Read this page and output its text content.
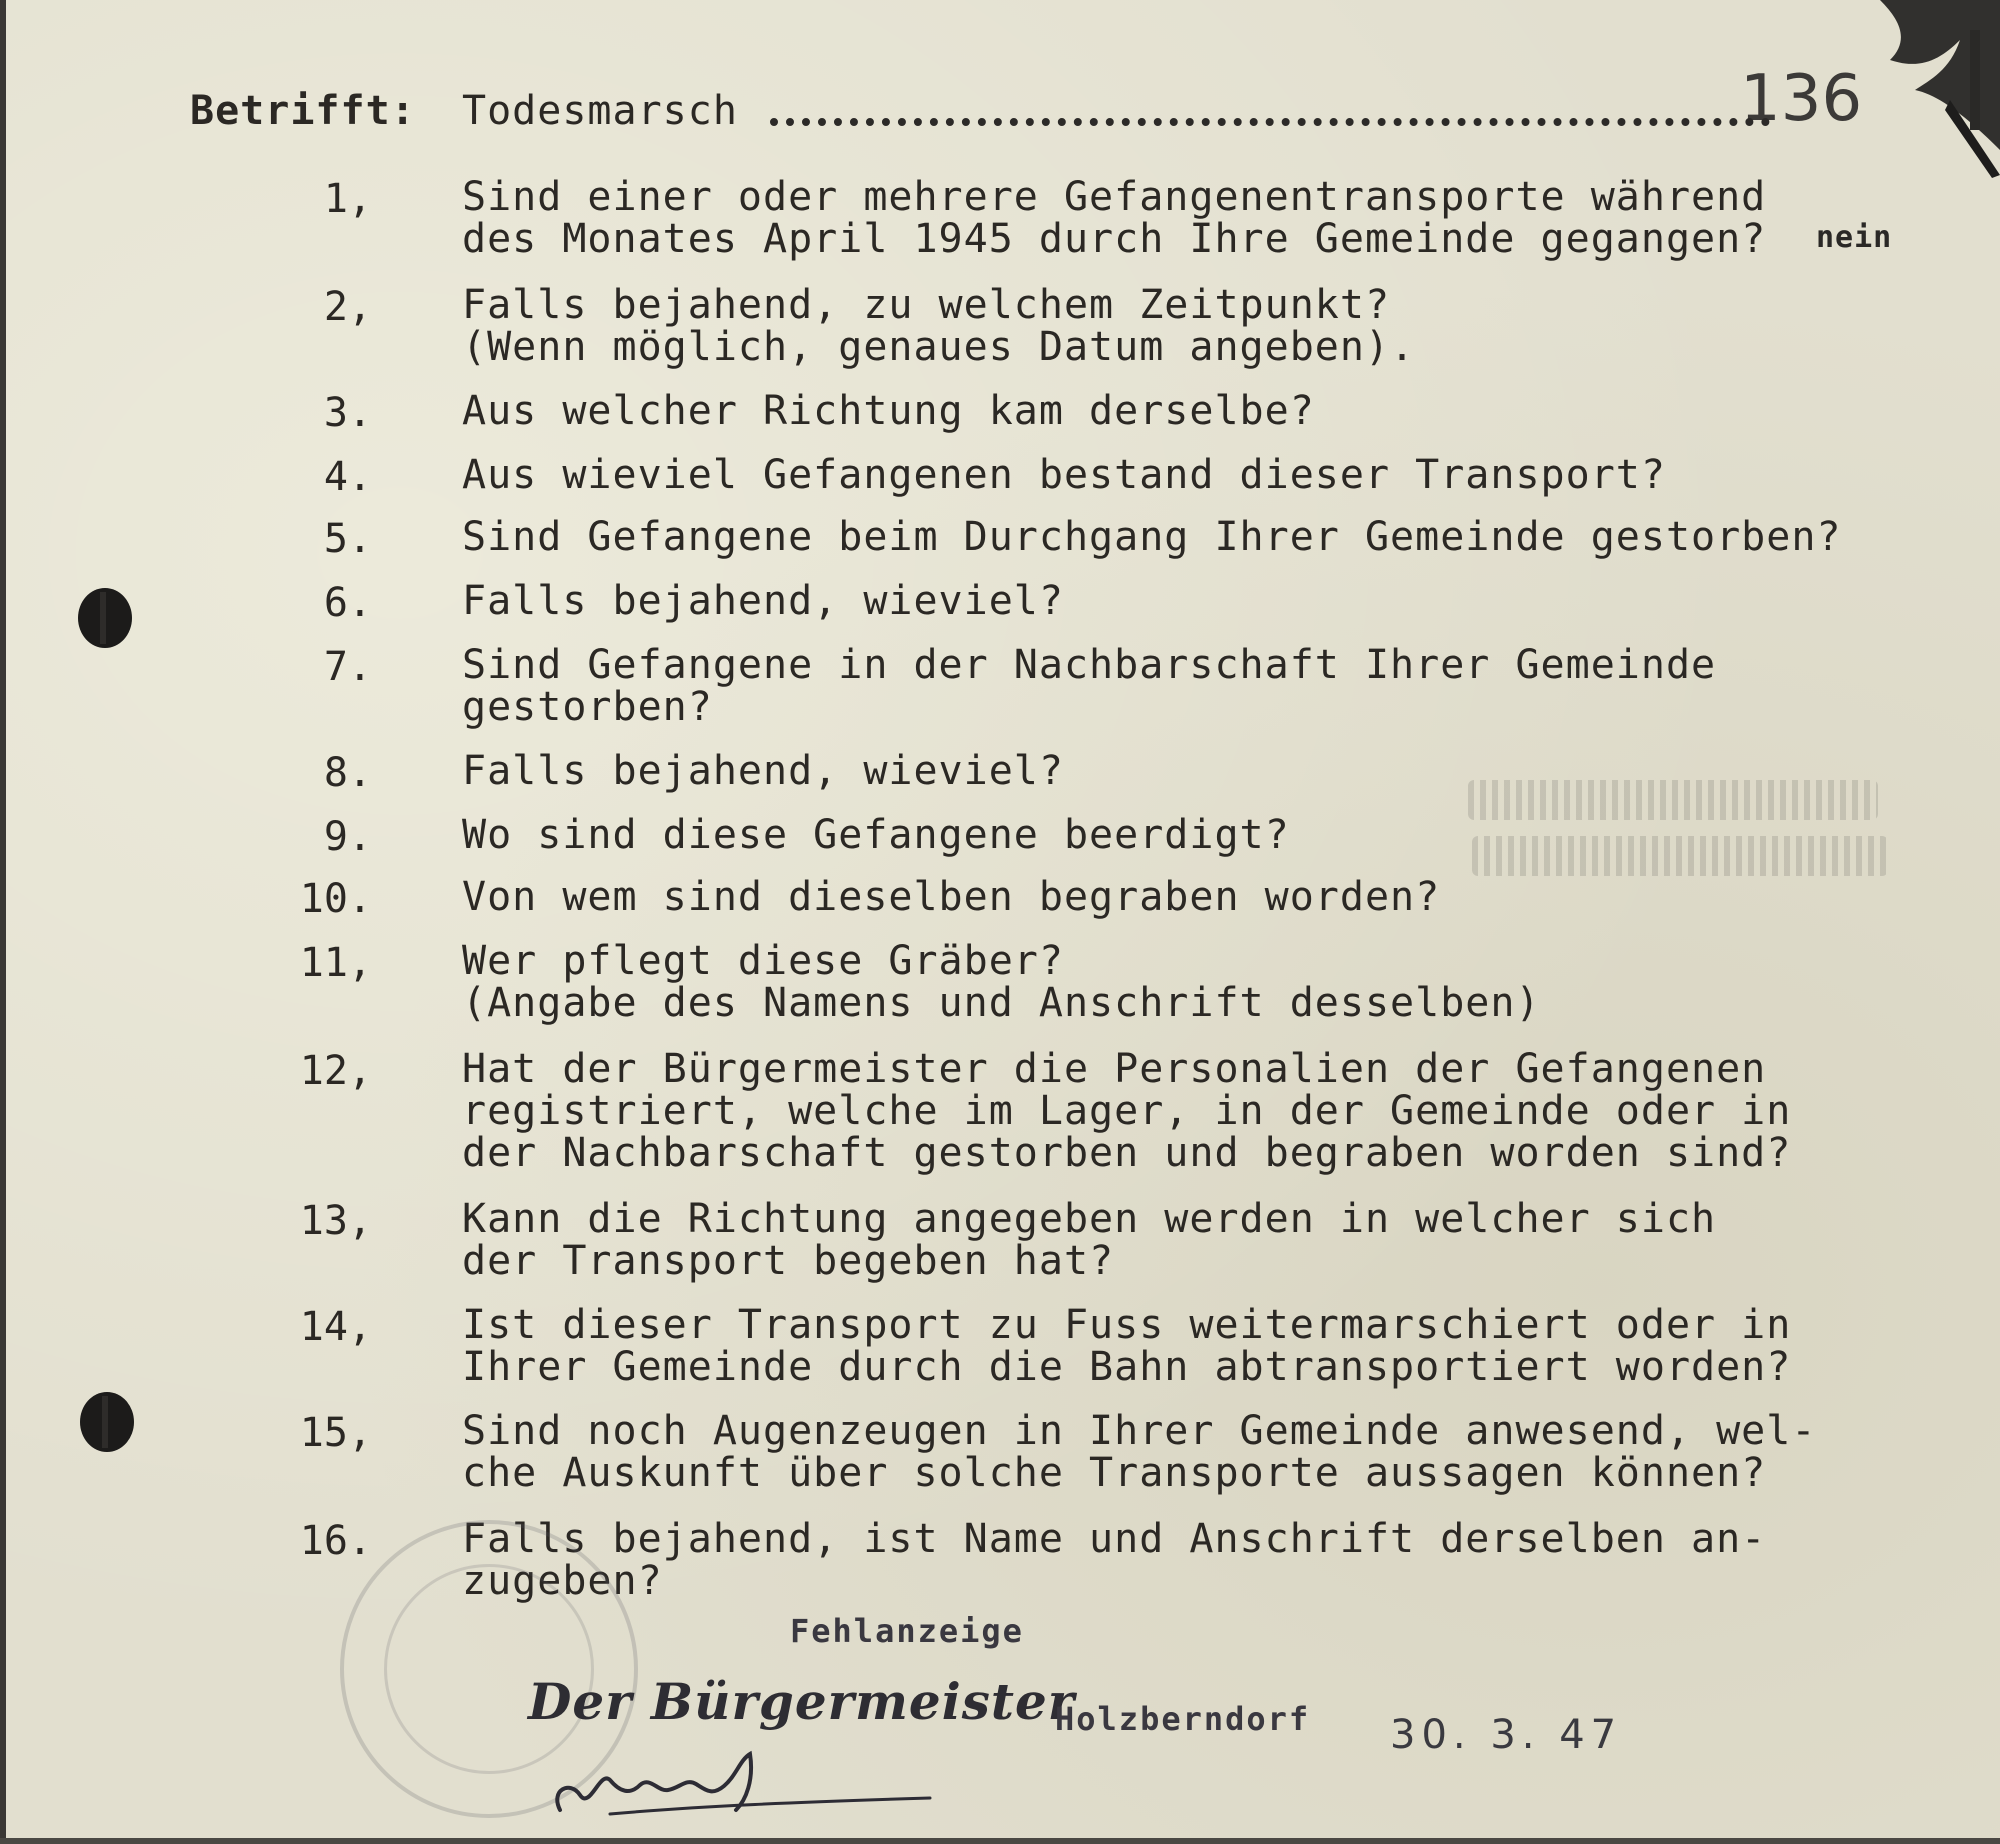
136
Betrifft: Todesmarsch
nein
1, Sind einer oder mehrere Gefangenentransporte während
des Monates April 1945 durch Ihre Gemeinde gegangen?
2, Falls bejahend, zu welchem Zeitpunkt?
(Wenn möglich, genaues Datum angeben).
3. Aus welcher Richtung kam derselbe?
4. Aus wieviel Gefangenen bestand dieser Transport?
5. Sind Gefangene beim Durchgang Ihrer Gemeinde gestorben?
6. Falls bejahend, wieviel?
7. Sind Gefangene in der Nachbarschaft Ihrer Gemeinde
gestorben?
8. Falls bejahend, wieviel?
9. Wo sind diese Gefangene beerdigt?
10. Von wem sind dieselben begraben worden?
11, Wer pflegt diese Gräber?
(Angabe des Namens und Anschrift desselben)
12, Hat der Bürgermeister die Personalien der Gefangenen
registriert, welche im Lager, in der Gemeinde oder in
der Nachbarschaft gestorben und begraben worden sind?
13, Kann die Richtung angegeben werden in welcher sich
der Transport begeben hat?
14, Ist dieser Transport zu Fuss weitermarschiert oder in
Ihrer Gemeinde durch die Bahn abtransportiert worden?
15, Sind noch Augenzeugen in Ihrer Gemeinde anwesend, wel-
che Auskunft über solche Transporte aussagen können?
16. Falls bejahend, ist Name und Anschrift derselben an-
zugeben?
Fehlanzeige
Der Bürgermeister
Holzberndorf 30. 3. 47
